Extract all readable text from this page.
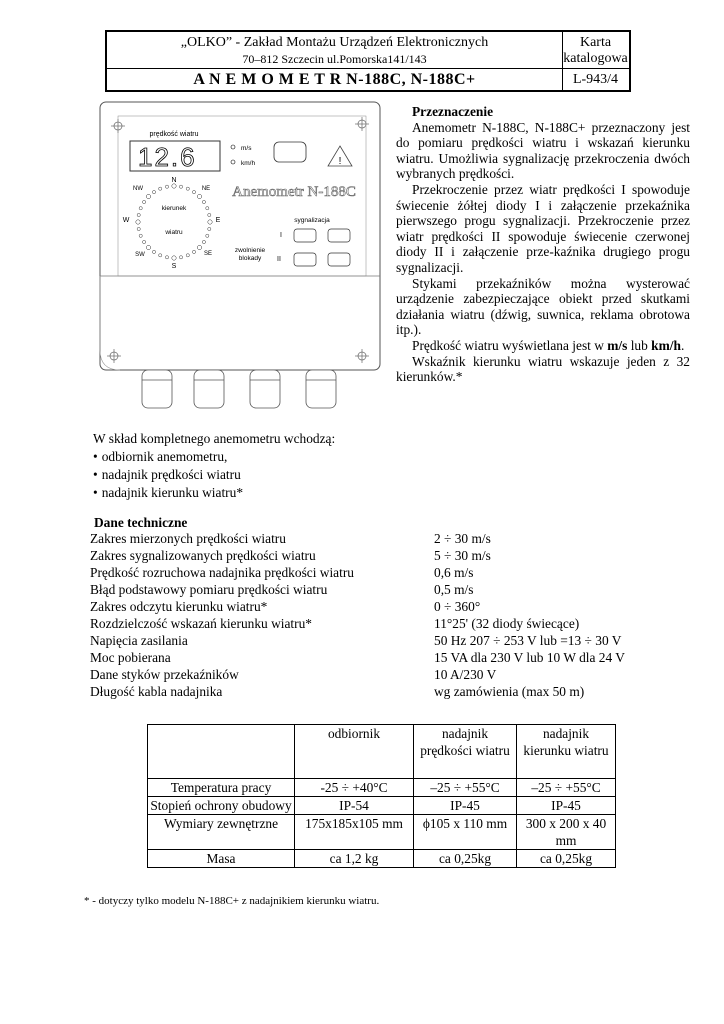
„OLKO” - Zakład Montażu Urządzeń Elektronicznych
70–812 Szczecin ul.Pomorska141/143
A N E M O M E T R N-188C, N-188C+
Karta
katalogowa
L-943/4
prędkość wiatru
12.6	m/s
km/h	!
Anemometr N-188C
N
NE
E
SE
S
SW
W
NW
kierunek
wiatru
sygnalizacja
I
II
zwolnienie
blokady
Przeznaczenie

Anemometr N-188C, N-188C+ przeznaczony jest do pomiaru prędkości wiatru i wskazań kierunku wiatru. Umożliwia sygnalizację przekroczenia dwóch wybranych prędkości.

Przekroczenie przez wiatr prędkości I spowoduje świecenie żółtej diody I i załączenie przekaźnika pierwszego progu sygnalizacji. Przekroczenie przez wiatr prędkości II spowoduje świecenie czerwonej diody II i załączenie prze-kaźnika drugiego progu sygnalizacji.

Stykami przekaźników można wysterować urządzenie zabezpieczające obiekt przed skutkami działania wiatru (dźwig, suwnica, reklama obrotowa itp.).

Prędkość wiatru wyświetlana jest w m/s lub km/h.

Wskaźnik kierunku wiatru wskazuje jeden z 32 kierunków.*

W skład kompletnego anemometru wchodzą:
• odbiornik anemometru,
• nadajnik prędkości wiatru
• nadajnik kierunku wiatru*
Dane techniczne
Zakres mierzonych prędkości wiatru	2 ÷ 30 m/s
Zakres sygnalizowanych prędkości wiatru	5 ÷ 30 m/s
Prędkość rozruchowa nadajnika prędkości wiatru	0,6 m/s
Błąd podstawowy pomiaru prędkości wiatru	0,5 m/s
Zakres odczytu kierunku wiatru*	0 ÷ 360°
Rozdzielczość wskazań kierunku wiatru*	11°25' (32 diody świecące)
Napięcia zasilania	50 Hz 207 ÷ 253 V lub =13 ÷ 30 V
Moc pobierana	15 VA dla 230 V lub 10 W dla 24 V
Dane styków przekaźników	10 A/230 V
Długość kabla nadajnika	wg zamówienia (max 50 m)
	odbiornik	nadajnik prędkości wiatru	nadajnik kierunku wiatru
Temperatura pracy	-25 ÷ +40°C	–25 ÷ +55°C	–25 ÷ +55°C
Stopień ochrony obudowy	IP-54	IP-45	IP-45
Wymiary zewnętrzne	175x185x105 mm	ϕ105 x 110 mm	300 x 200 x 40 mm
Masa	ca 1,2 kg	ca 0,25kg	ca 0,25kg
* - dotyczy tylko modelu N-188C+ z nadajnikiem kierunku wiatru.
